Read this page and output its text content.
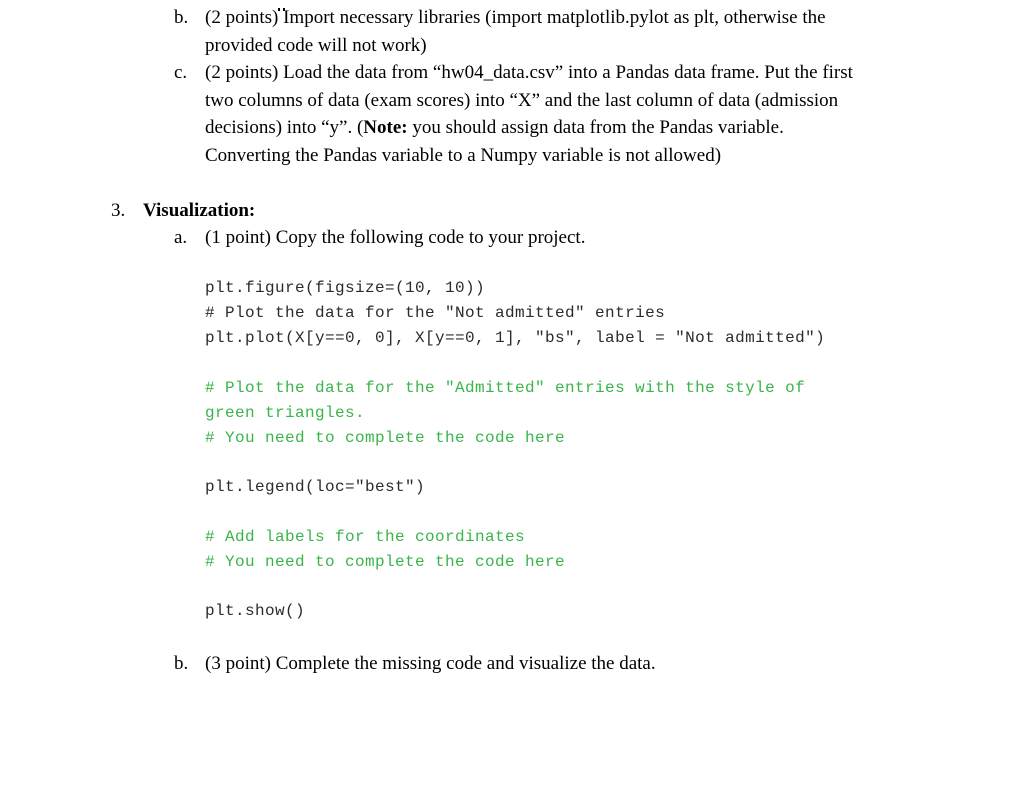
b. (2 points) Import necessary libraries (import matplotlib.pylot as plt, otherwise the
provided code will not work)
c. (2 points) Load the data from “hw04_data.csv” into a Pandas data frame. Put the first
two columns of data (exam scores) into “X” and the last column of data (admission
decisions) into “y”. (Note: you should assign data from the Pandas variable.
Converting the Pandas variable to a Numpy variable is not allowed)
3. Visualization:
a. (1 point) Copy the following code to your project.
plt.figure(figsize=(10, 10))
# Plot the data for the "Not admitted" entries
plt.plot(X[y==0, 0], X[y==0, 1], "bs", label = "Not admitted")
# Plot the data for the "Admitted" entries with the style of
green triangles.
# You need to complete the code here
plt.legend(loc="best")
# Add labels for the coordinates
# You need to complete the code here
plt.show()
b. (3 point) Complete the missing code and visualize the data.
